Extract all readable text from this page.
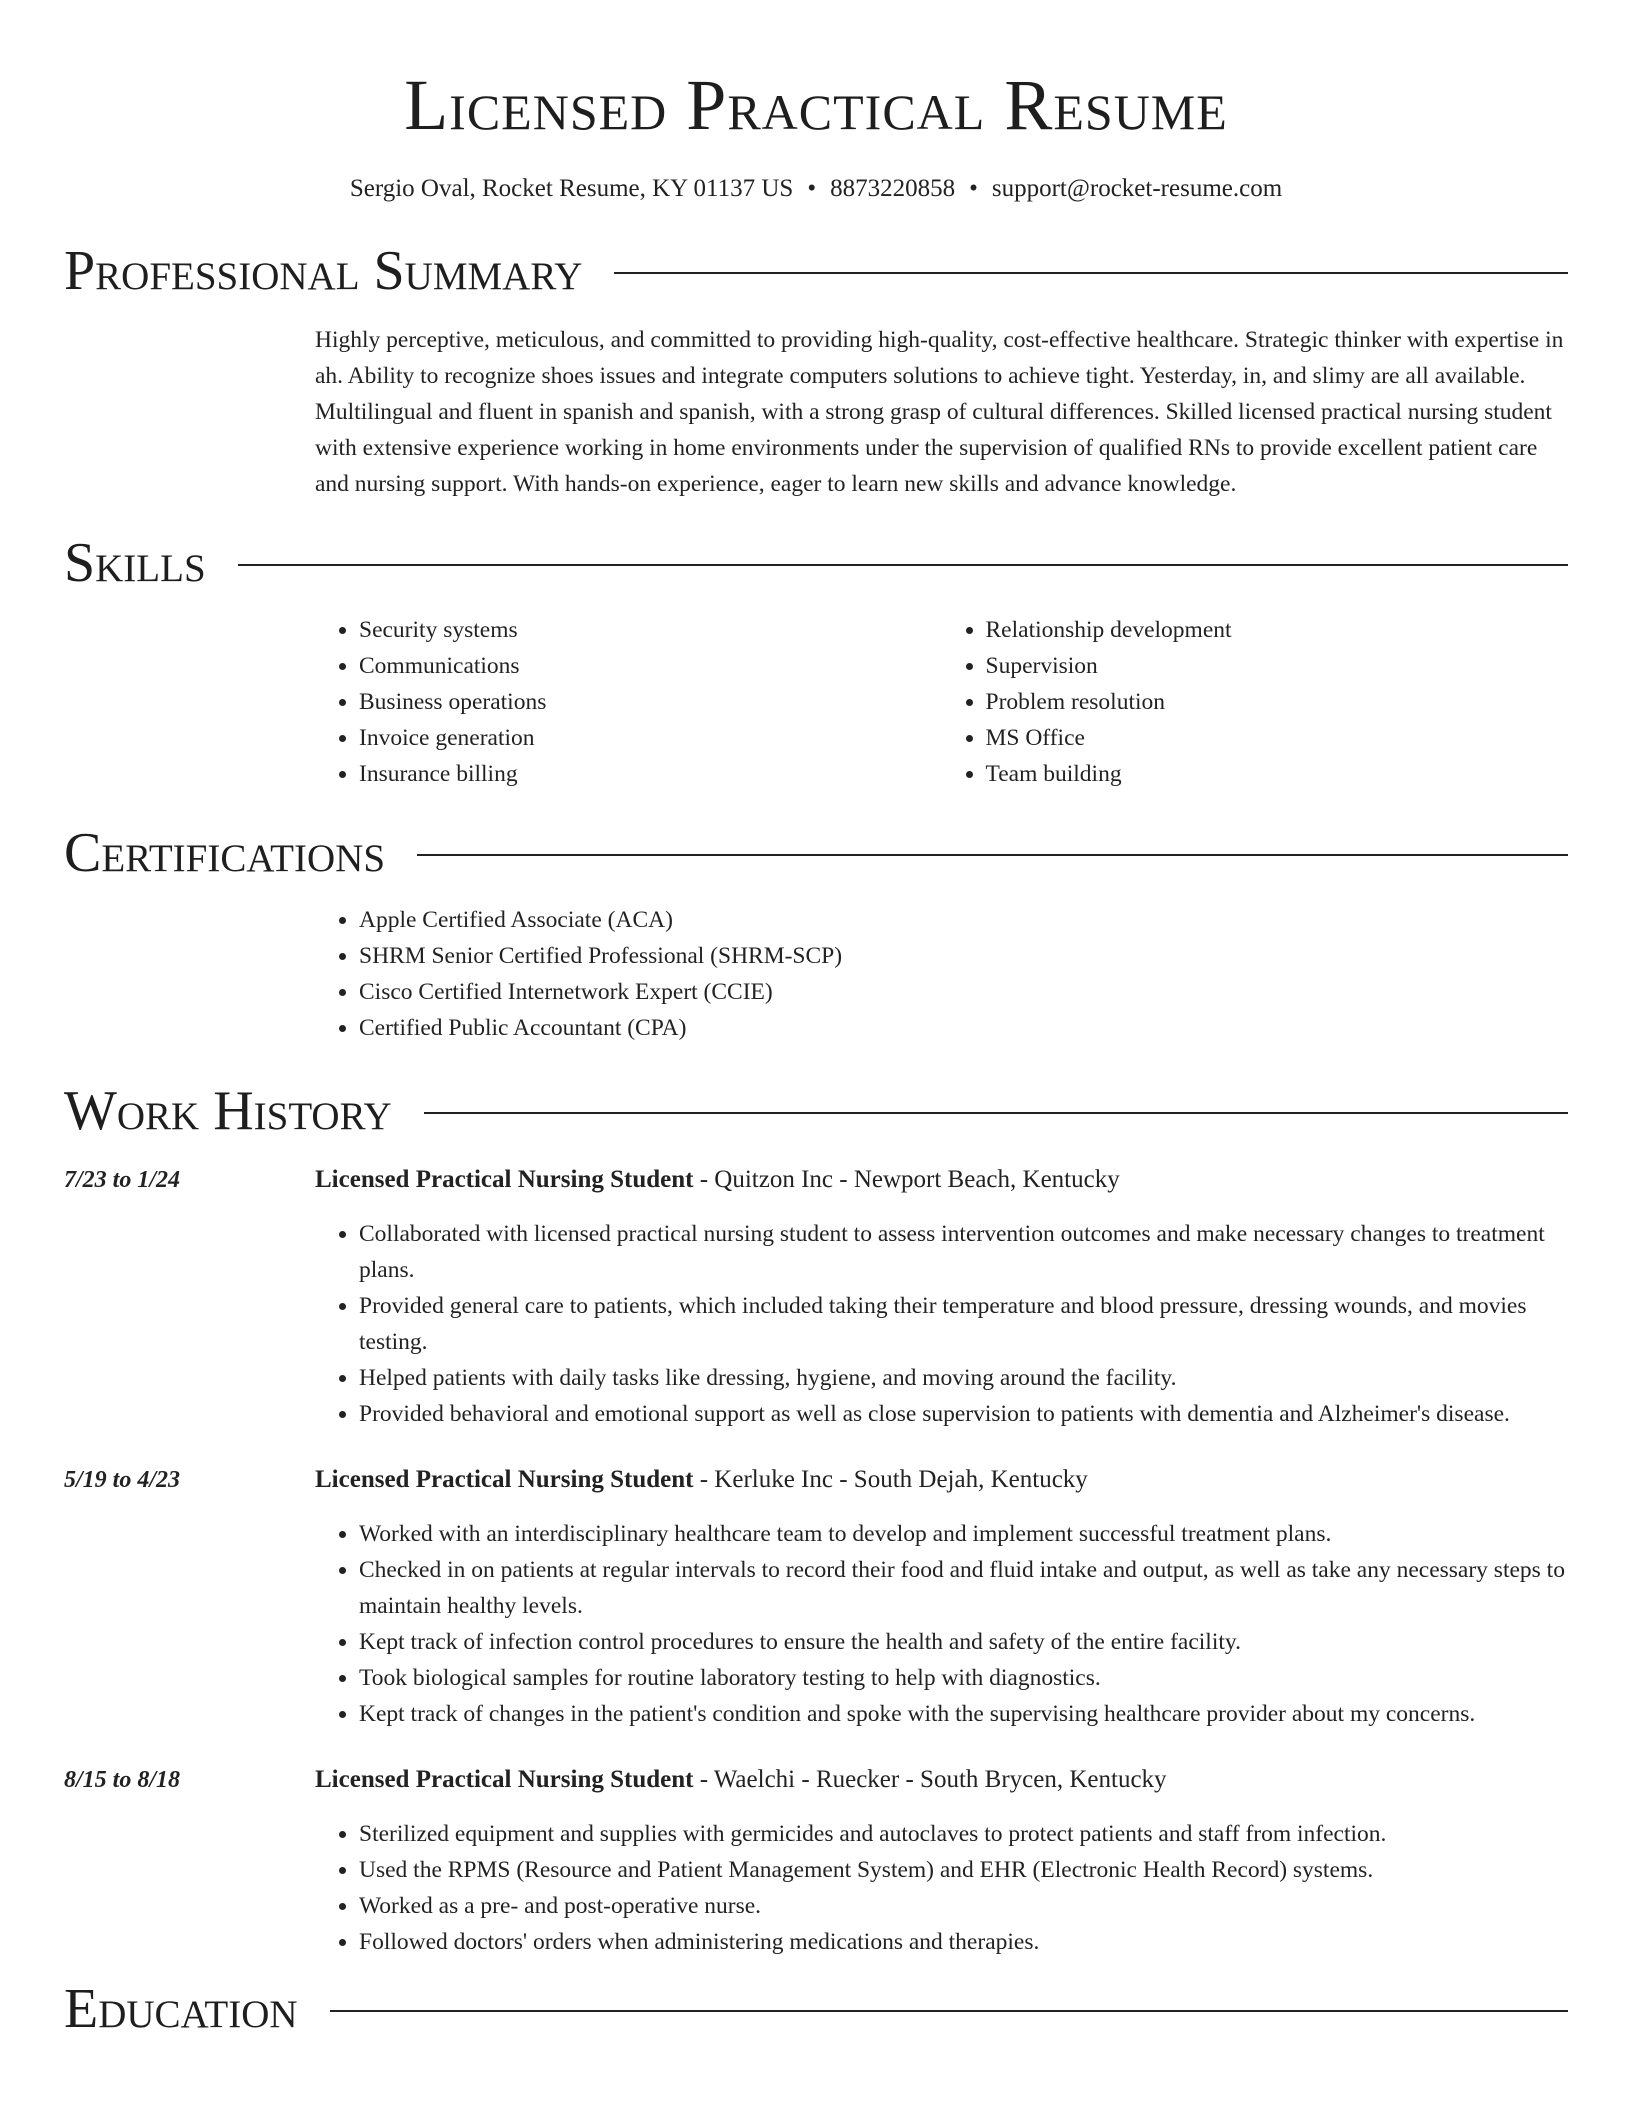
Licensed Practical Resume
Sergio Oval, Rocket Resume, KY 01137 US • 8873220858 • support@rocket-resume.com
Professional Summary
Highly perceptive, meticulous, and committed to providing high-quality, cost-effective healthcare. Strategic thinker with expertise in ah. Ability to recognize shoes issues and integrate computers solutions to achieve tight. Yesterday, in, and slimy are all available. Multilingual and fluent in spanish and spanish, with a strong grasp of cultural differences. Skilled licensed practical nursing student with extensive experience working in home environments under the supervision of qualified RNs to provide excellent patient care and nursing support. With hands-on experience, eager to learn new skills and advance knowledge.
Skills
• Security systems
• Communications
• Business operations
• Invoice generation
• Insurance billing
• Relationship development
• Supervision
• Problem resolution
• MS Office
• Team building
Certifications
• Apple Certified Associate (ACA)
• SHRM Senior Certified Professional (SHRM-SCP)
• Cisco Certified Internetwork Expert (CCIE)
• Certified Public Accountant (CPA)
Work History
7/23 to 1/24	Licensed Practical Nursing Student - Quitzon Inc - Newport Beach, Kentucky
• Collaborated with licensed practical nursing student to assess intervention outcomes and make necessary changes to treatment plans.
• Provided general care to patients, which included taking their temperature and blood pressure, dressing wounds, and movies testing.
• Helped patients with daily tasks like dressing, hygiene, and moving around the facility.
• Provided behavioral and emotional support as well as close supervision to patients with dementia and Alzheimer's disease.
5/19 to 4/23	Licensed Practical Nursing Student - Kerluke Inc - South Dejah, Kentucky
• Worked with an interdisciplinary healthcare team to develop and implement successful treatment plans.
• Checked in on patients at regular intervals to record their food and fluid intake and output, as well as take any necessary steps to maintain healthy levels.
• Kept track of infection control procedures to ensure the health and safety of the entire facility.
• Took biological samples for routine laboratory testing to help with diagnostics.
• Kept track of changes in the patient's condition and spoke with the supervising healthcare provider about my concerns.
8/15 to 8/18	Licensed Practical Nursing Student - Waelchi - Ruecker - South Brycen, Kentucky
• Sterilized equipment and supplies with germicides and autoclaves to protect patients and staff from infection.
• Used the RPMS (Resource and Patient Management System) and EHR (Electronic Health Record) systems.
• Worked as a pre- and post-operative nurse.
• Followed doctors' orders when administering medications and therapies.
Education
